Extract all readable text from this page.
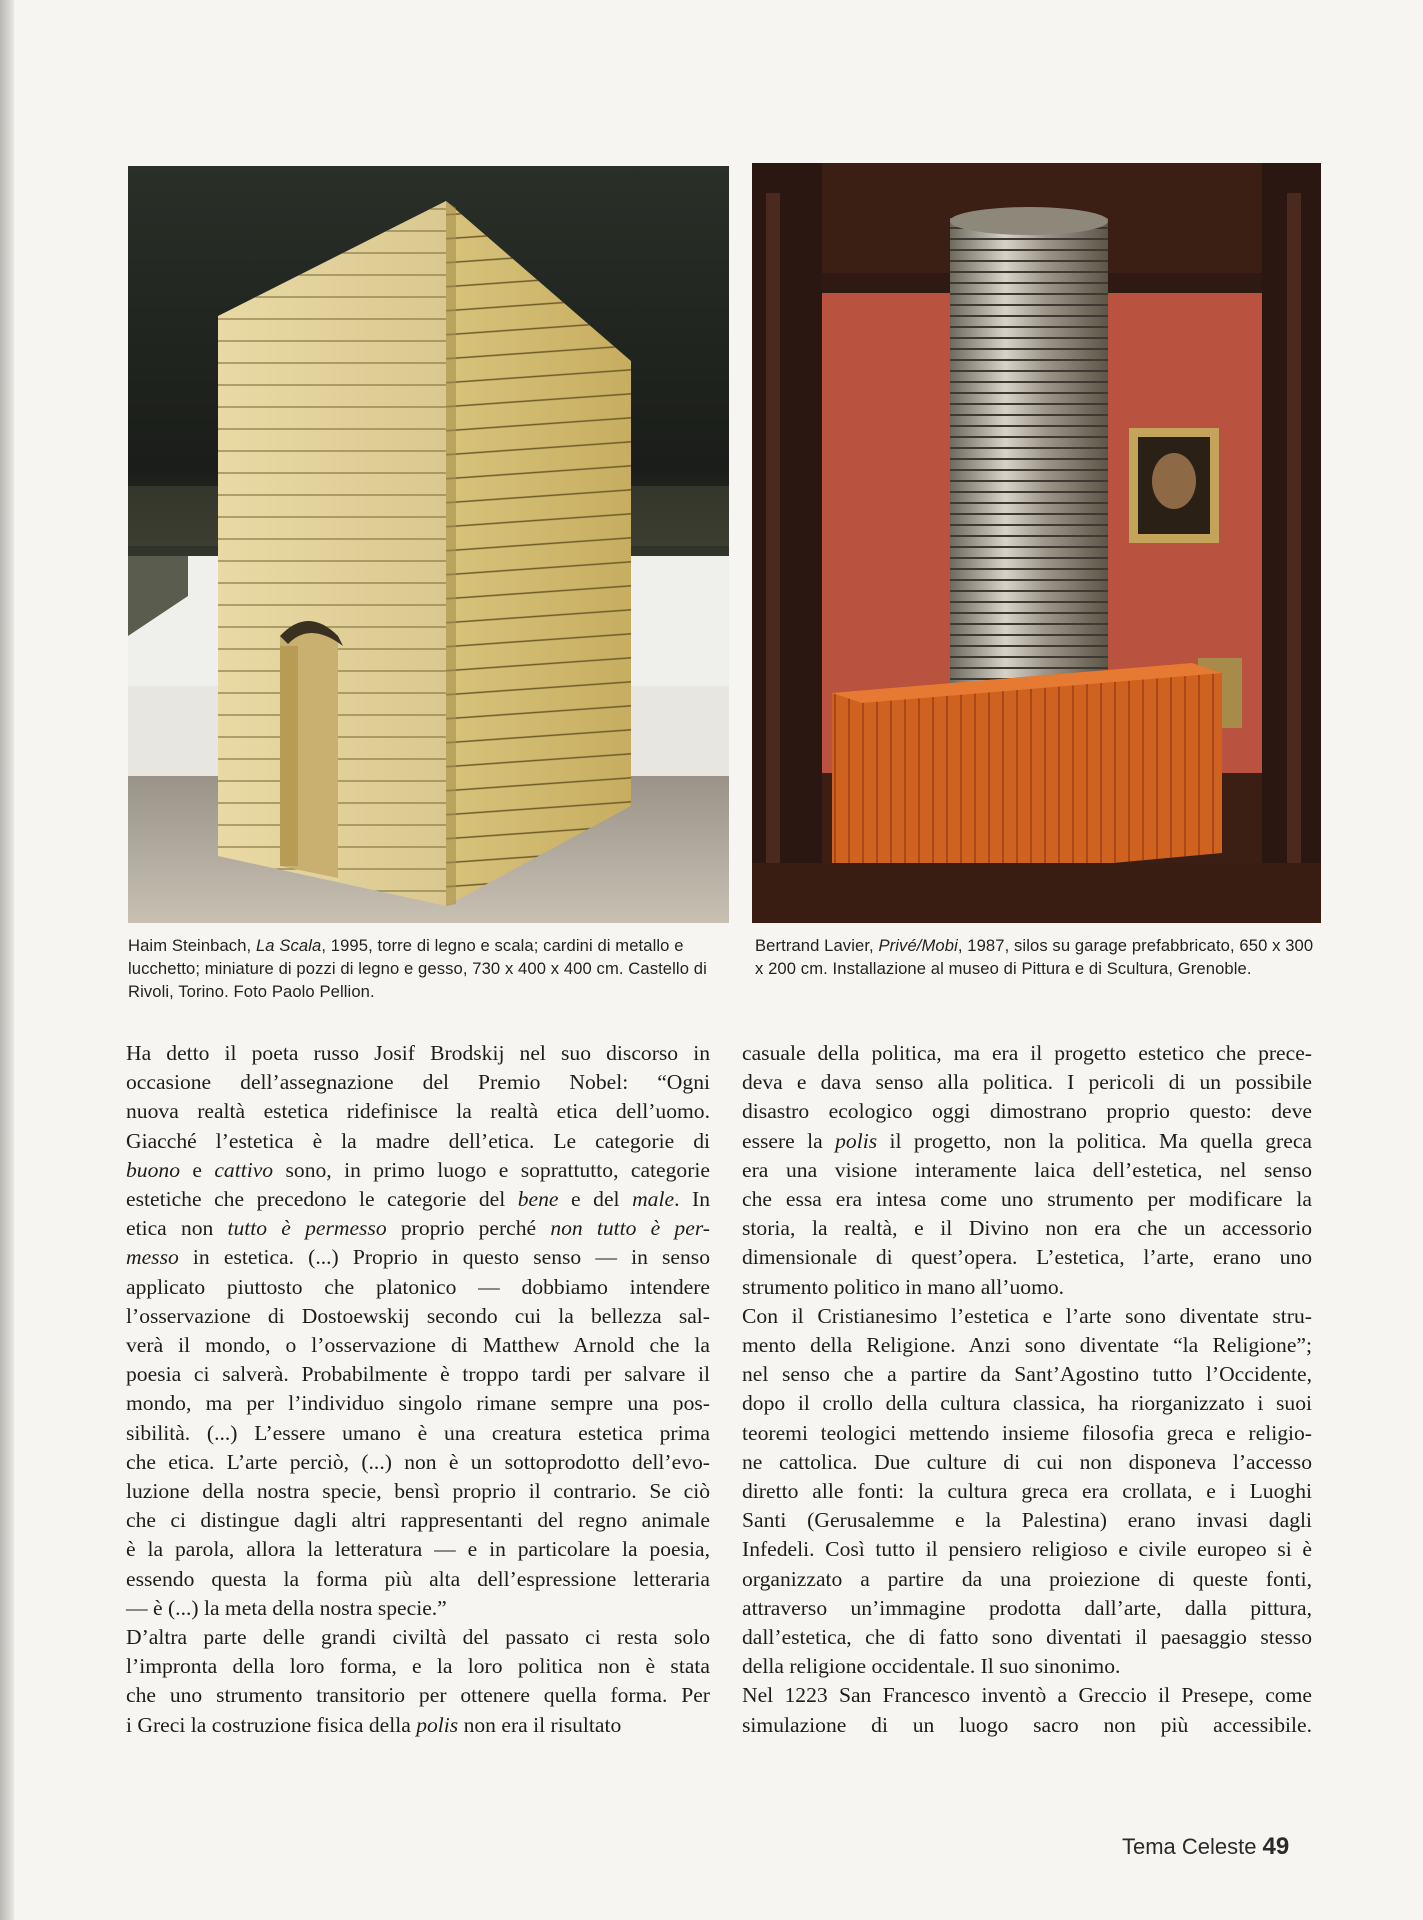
Haim Steinbach, La Scala, 1995, torre di legno e scala; cardini di metallo e lucchetto; miniature di pozzi di legno e gesso, 730 x 400 x 400 cm. Castello di Rivoli, Torino. Foto Paolo Pellion.
Bertrand Lavier, Privé/Mobi, 1987, silos su garage prefabbricato, 650 x 300 x 200 cm. Installazione al museo di Pittura e di Scultura, Grenoble.
Ha detto il poeta russo Josif Brodskij nel suo discorso in
occasione dell’assegnazione del Premio Nobel: “Ogni
nuova realtà estetica ridefinisce la realtà etica dell’uomo.
Giacché l’estetica è la madre dell’etica. Le categorie di
buono e cattivo sono, in primo luogo e soprattutto, categorie
estetiche che precedono le categorie del bene e del male. In
etica non tutto è permesso proprio perché non tutto è per-
messo in estetica. (...) Proprio in questo senso — in senso
applicato piuttosto che platonico — dobbiamo intendere
l’osservazione di Dostoewskij secondo cui la bellezza sal-
verà il mondo, o l’osservazione di Matthew Arnold che la
poesia ci salverà. Probabilmente è troppo tardi per salvare il
mondo, ma per l’individuo singolo rimane sempre una pos-
sibilità. (...) L’essere umano è una creatura estetica prima
che etica. L’arte perciò, (...) non è un sottoprodotto dell’evo-
luzione della nostra specie, bensì proprio il contrario. Se ciò
che ci distingue dagli altri rappresentanti del regno animale
è la parola, allora la letteratura — e in particolare la poesia,
essendo questa la forma più alta dell’espressione letteraria
— è (...) la meta della nostra specie.”
D’altra parte delle grandi civiltà del passato ci resta solo
l’impronta della loro forma, e la loro politica non è stata
che uno strumento transitorio per ottenere quella forma. Per
i Greci la costruzione fisica della polis non era il risultato
casuale della politica, ma era il progetto estetico che prece-
deva e dava senso alla politica. I pericoli di un possibile
disastro ecologico oggi dimostrano proprio questo: deve
essere la polis il progetto, non la politica. Ma quella greca
era una visione interamente laica dell’estetica, nel senso
che essa era intesa come uno strumento per modificare la
storia, la realtà, e il Divino non era che un accessorio
dimensionale di quest’opera. L’estetica, l’arte, erano uno
strumento politico in mano all’uomo.
Con il Cristianesimo l’estetica e l’arte sono diventate stru-
mento della Religione. Anzi sono diventate “la Religione”;
nel senso che a partire da Sant’Agostino tutto l’Occidente,
dopo il crollo della cultura classica, ha riorganizzato i suoi
teoremi teologici mettendo insieme filosofia greca e religio-
ne cattolica. Due culture di cui non disponeva l’accesso
diretto alle fonti: la cultura greca era crollata, e i Luoghi
Santi (Gerusalemme e la Palestina) erano invasi dagli
Infedeli. Così tutto il pensiero religioso e civile europeo si è
organizzato a partire da una proiezione di queste fonti,
attraverso un’immagine prodotta dall’arte, dalla pittura,
dall’estetica, che di fatto sono diventati il paesaggio stesso
della religione occidentale. Il suo sinonimo.
Nel 1223 San Francesco inventò a Greccio il Presepe, come
simulazione di un luogo sacro non più accessibile.
Tema Celeste 49
